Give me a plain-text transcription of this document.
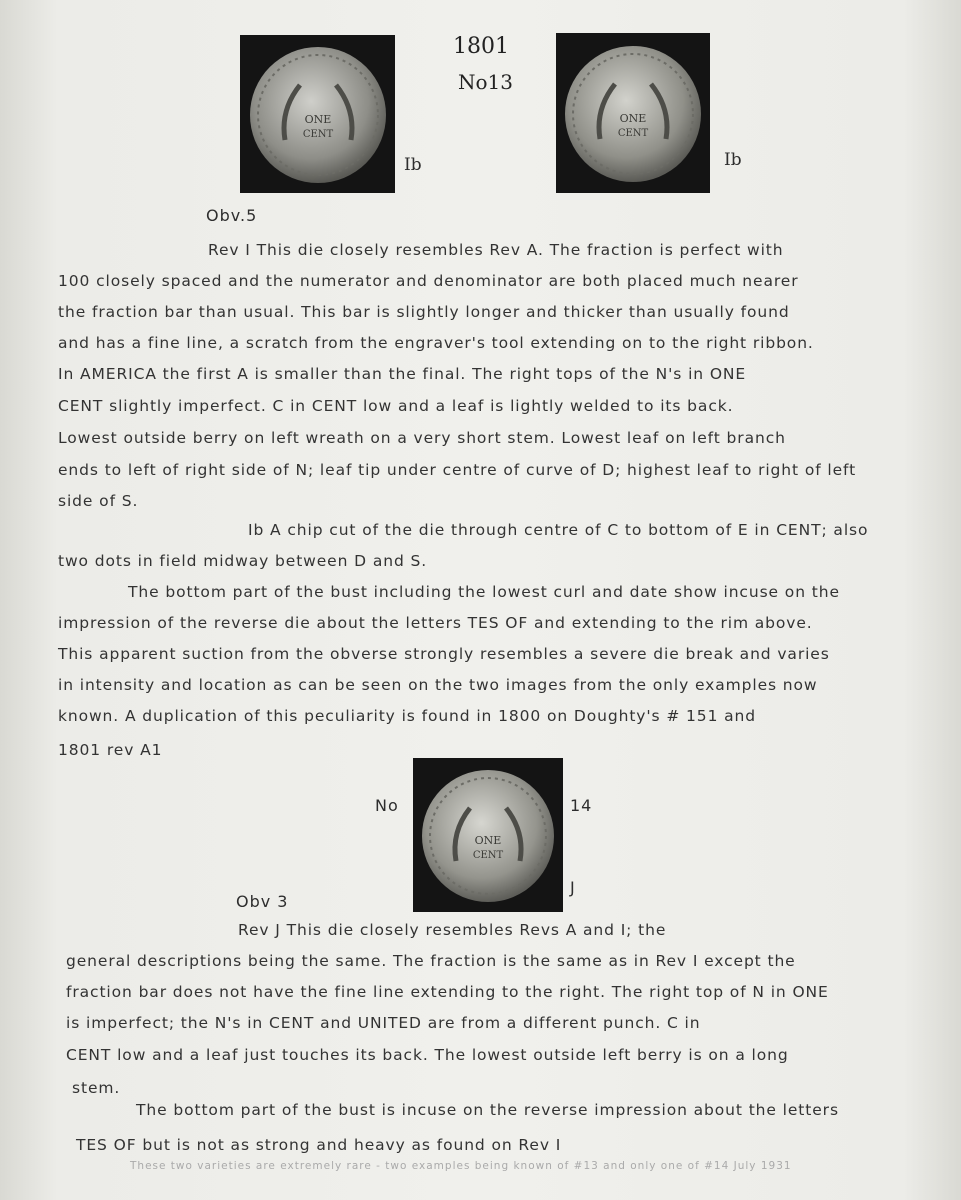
1801
No13
ONE
CENT
Ib
ONE
CENT
Ib
Obv.5
Rev I This die closely resembles Rev A. The fraction is perfect with
100 closely spaced and the numerator and denominator are both placed much nearer
the fraction bar than usual. This bar is slightly longer and thicker than usually found
and has a fine line, a scratch from the engraver's tool extending on to the right ribbon.
In AMERICA the first A is smaller than the final. The right tops of the N's in ONE
CENT slightly imperfect. C in CENT low and a leaf is lightly welded to its back.
Lowest outside berry on left wreath on a very short stem. Lowest leaf on left branch
ends to left of right side of N; leaf tip under centre of curve of D; highest leaf to right of left
side of S.
Ib A chip cut of the die through centre of C to bottom of E in CENT; also
two dots in field midway between D and S.
The bottom part of the bust including the lowest curl and date show incuse on the
impression of the reverse die about the letters TES OF and extending to the rim above.
This apparent suction from the obverse strongly resembles a severe die break and varies
in intensity and location as can be seen on the two images from the only examples now
known. A duplication of this peculiarity is found in 1800 on Doughty's # 151 and
1801 rev A1
ONE
CENT
No	14
J
Obv 3
Rev J This die closely resembles Revs A and I; the
general descriptions being the same. The fraction is the same as in Rev I except the
fraction bar does not have the fine line extending to the right. The right top of N in ONE
is imperfect; the N's in CENT and UNITED are from a different punch. C in
CENT low and a leaf just touches its back. The lowest outside left berry is on a long
stem.
The bottom part of the bust is incuse on the reverse impression about the letters
TES OF but is not as strong and heavy as found on Rev I
These two varieties are extremely rare - two examples being known of #13 and only one of #14 July 1931
